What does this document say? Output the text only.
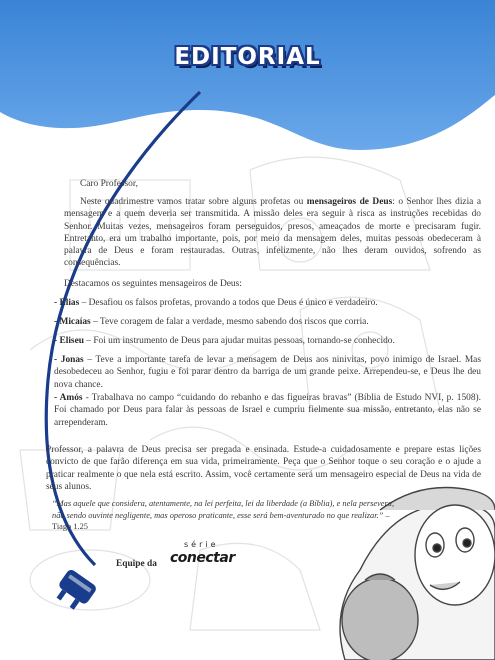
EDITORIAL
Caro Professor,
Neste quadrimestre vamos tratar sobre alguns profetas ou mensageiros de Deus: o Senhor lhes dizia a mensagem e a quem deveria ser transmitida. A missão deles era seguir à risca as instruções recebidas do Senhor. Muitas vezes, mensageiros foram perseguidos, presos, ameaçados de morte e precisaram fugir. Entretanto, era um trabalho importante, pois, por meio da mensagem deles, muitas pessoas obedeceram à palavra de Deus e foram restauradas. Outras, infelizmente, não lhes deram ouvidos, sofrendo as consequências.
Destacamos os seguintes mensageiros de Deus:
- Elias – Desafiou os falsos profetas, provando a todos que Deus é único e verdadeiro.
- Micaías – Teve coragem de falar a verdade, mesmo sabendo dos riscos que corria.
- Eliseu – Foi um instrumento de Deus para ajudar muitas pessoas, tornando-se conhecido.
- Jonas – Teve a importante tarefa de levar a mensagem de Deus aos ninivitas, povo inimigo de Israel. Mas desobedeceu ao Senhor, fugiu e foi parar dentro da barriga de um grande peixe. Arrependeu-se, e Deus lhe deu nova chance.
- Amós - Trabalhava no campo “cuidando do rebanho e das figueiras bravas” (Bíblia de Estudo NVI, p. 1508). Foi chamado por Deus para falar às pessoas de Israel e cumpriu fielmente sua missão, entretanto, elas não se arrependeram.
Professor, a palavra de Deus precisa ser pregada e ensinada. Estude-a cuidadosamente e prepare estas lições convicto de que farão diferença em sua vida, primeiramente. Peça que o Senhor toque o seu coração e o ajude a praticar realmente o que nela está escrito. Assim, você certamente será um mensageiro especial de Deus na vida de seus alunos.
“Mas aquele que considera, atentamente, na lei perfeita, lei da liberdade (a Bíblia), e nela persevera, não sendo ouvinte negligente, mas operoso praticante, esse será bem-aventurado no que realizar.” – Tiago 1.25
Equipe da
série
conectar
